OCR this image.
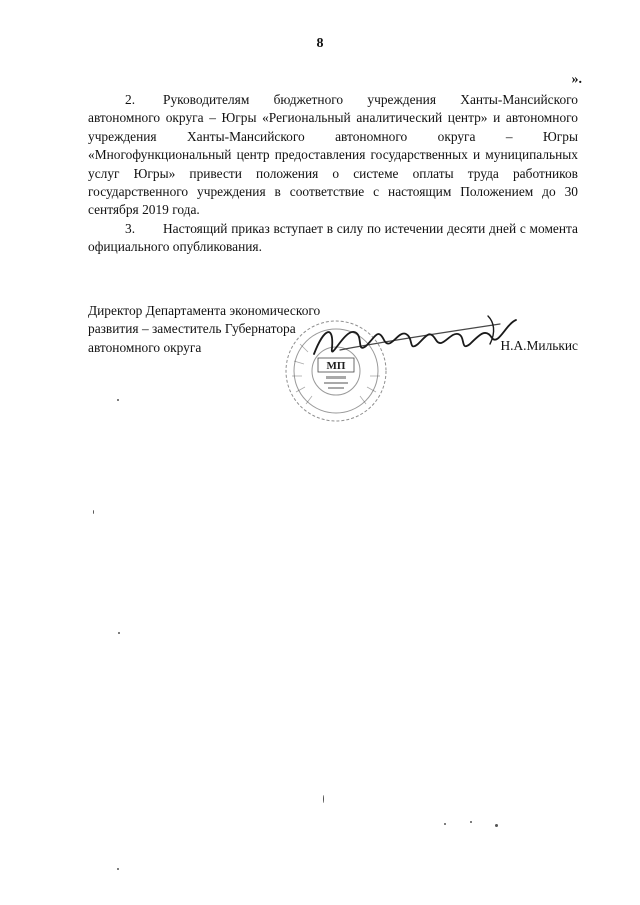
8
».

2. Руководителям бюджетного учреждения Ханты-Мансийского автономного округа – Югры «Региональный аналитический центр» и автономного учреждения Ханты-Мансийского автономного округа – Югры «Многофункциональный центр предоставления государственных и муниципальных услуг Югры» привести положения о системе оплаты труда работников государственного учреждения в соответствие с настоящим Положением до 30 сентября 2019 года.

3. Настоящий приказ вступает в силу по истечении десяти дней с момента официального опубликования.

Директор Департамента экономического
развития – заместитель Губернатора
автономного округа
МП
Н.А.Милькис
